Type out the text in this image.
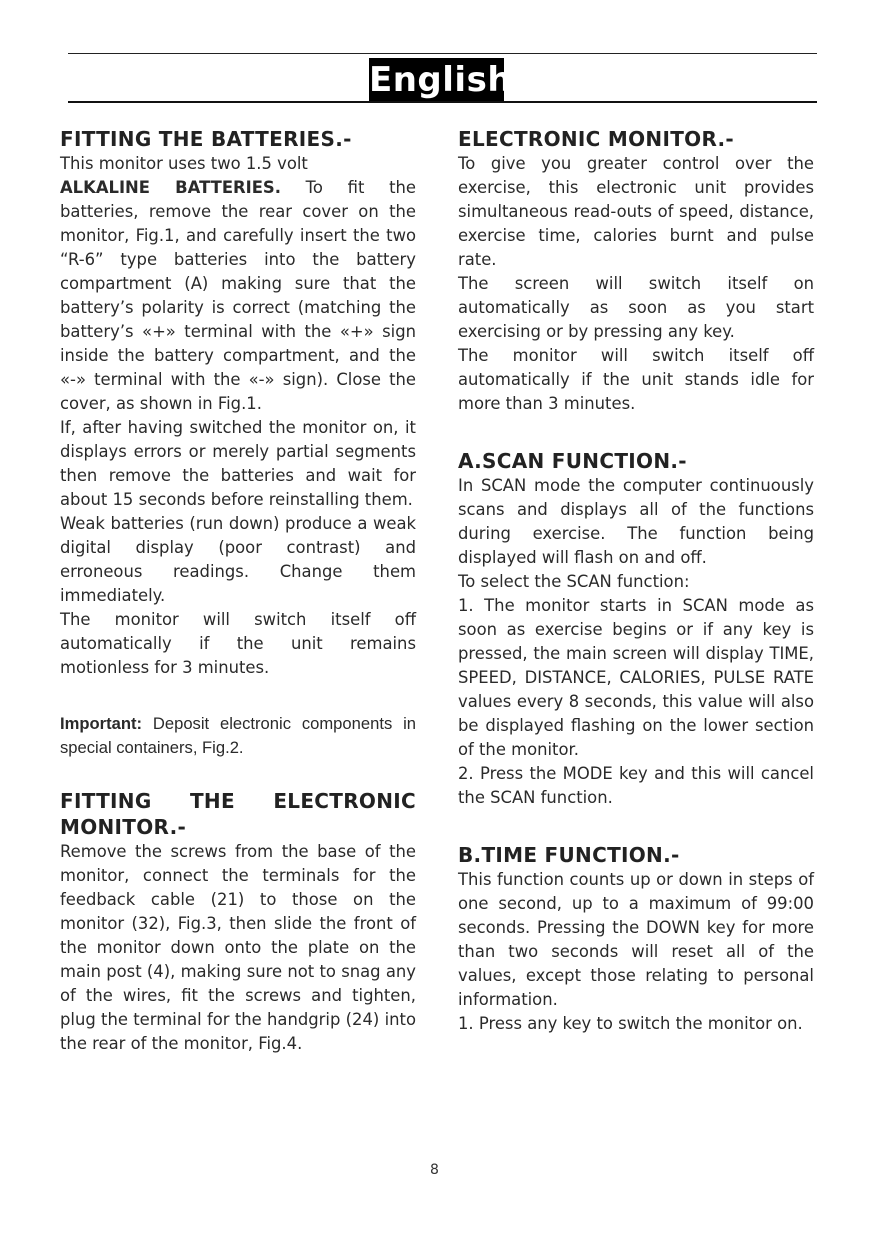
English
FITTING THE BATTERIES.-

This monitor uses two 1.5 volt
ALKALINE BATTERIES. To fit the batteries, remove the rear cover on the monitor, Fig.1, and carefully insert the two “R-6” type batteries into the battery compartment (A) making sure that the battery’s polarity is correct (matching the battery’s «+» terminal with the «+» sign inside the battery compartment, and the «-» terminal with the «-» sign). Close the cover, as shown in Fig.1.

If, after having switched the monitor on, it displays errors or merely partial segments then remove the batteries and wait for about 15 seconds before reinstalling them.

Weak batteries (run down) produce a weak digital display (poor contrast) and erroneous readings. Change them immediately.

The monitor will switch itself off automatically if the unit remains motionless for 3 minutes.

Important: Deposit electronic components in special containers, Fig.2.

FITTING THE ELECTRONIC MONITOR.-

Remove the screws from the base of the monitor, connect the terminals for the feedback cable (21) to those on the monitor (32), Fig.3, then slide the front of the monitor down onto the plate on the main post (4), making sure not to snag any of the wires, fit the screws and tighten, plug the terminal for the handgrip (24) into the rear of the monitor, Fig.4.

ELECTRONIC MONITOR.-

To give you greater control over the exercise, this electronic unit provides simultaneous read-outs of speed, distance, exercise time, calories burnt and pulse rate.

The screen will switch itself on automatically as soon as you start exercising or by pressing any key.

The monitor will switch itself off automatically if the unit stands idle for more than 3 minutes.

A.SCAN FUNCTION.-

In SCAN mode the computer continuously scans and displays all of the functions during exercise. The function being displayed will flash on and off.

To select the SCAN function:

1. The monitor starts in SCAN mode as soon as exercise begins or if any key is pressed, the main screen will display TIME, SPEED, DISTANCE, CALORIES, PULSE RATE values every 8 seconds, this value will also be displayed flashing on the lower section of the monitor.

2. Press the MODE key and this will cancel the SCAN function.

B.TIME FUNCTION.-

This function counts up or down in steps of one second, up to a maximum of 99:00 seconds. Pressing the DOWN key for more than two seconds will reset all of the values, except those relating to personal information.

1. Press any key to switch the monitor on.

8
